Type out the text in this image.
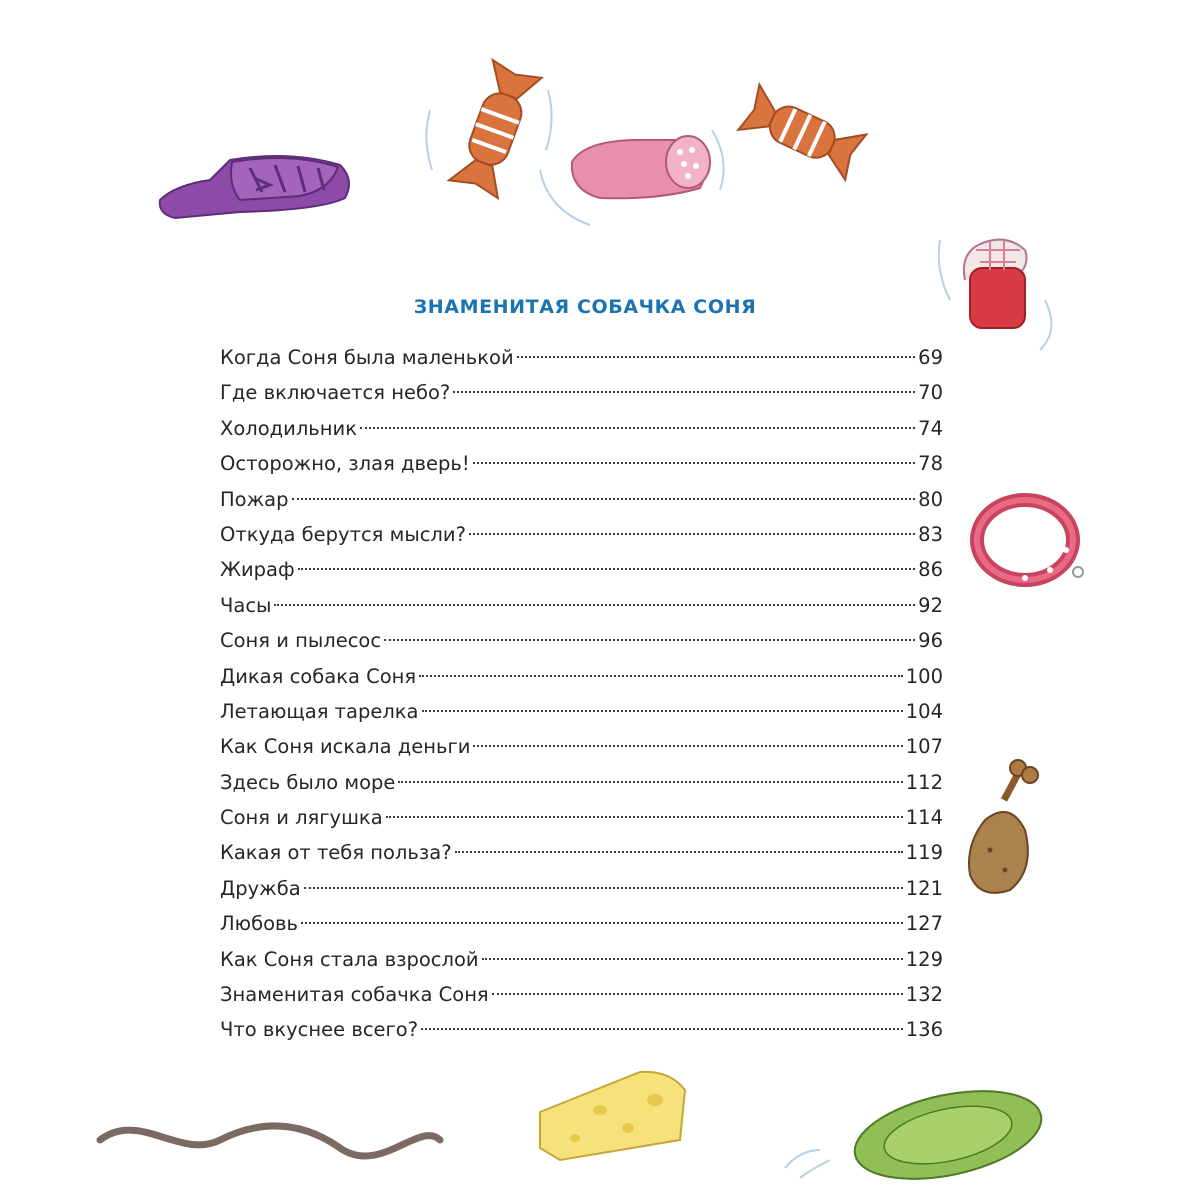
ЗНАМЕНИТАЯ СОБАЧКА СОНЯ
Когда Соня была маленькой	69
Где включается небо?	70
Холодильник	74
Осторожно, злая дверь!	78
Пожар	80
Откуда берутся мысли?	83
Жираф	86
Часы	92
Соня и пылесос	96
Дикая собака Соня	100
Летающая тарелка	104
Как Соня искала деньги	107
Здесь было море	112
Соня и лягушка	114
Какая от тебя польза?	119
Дружба	121
Любовь	127
Как Соня стала взрослой	129
Знаменитая собачка Соня	132
Что вкуснее всего?	136
